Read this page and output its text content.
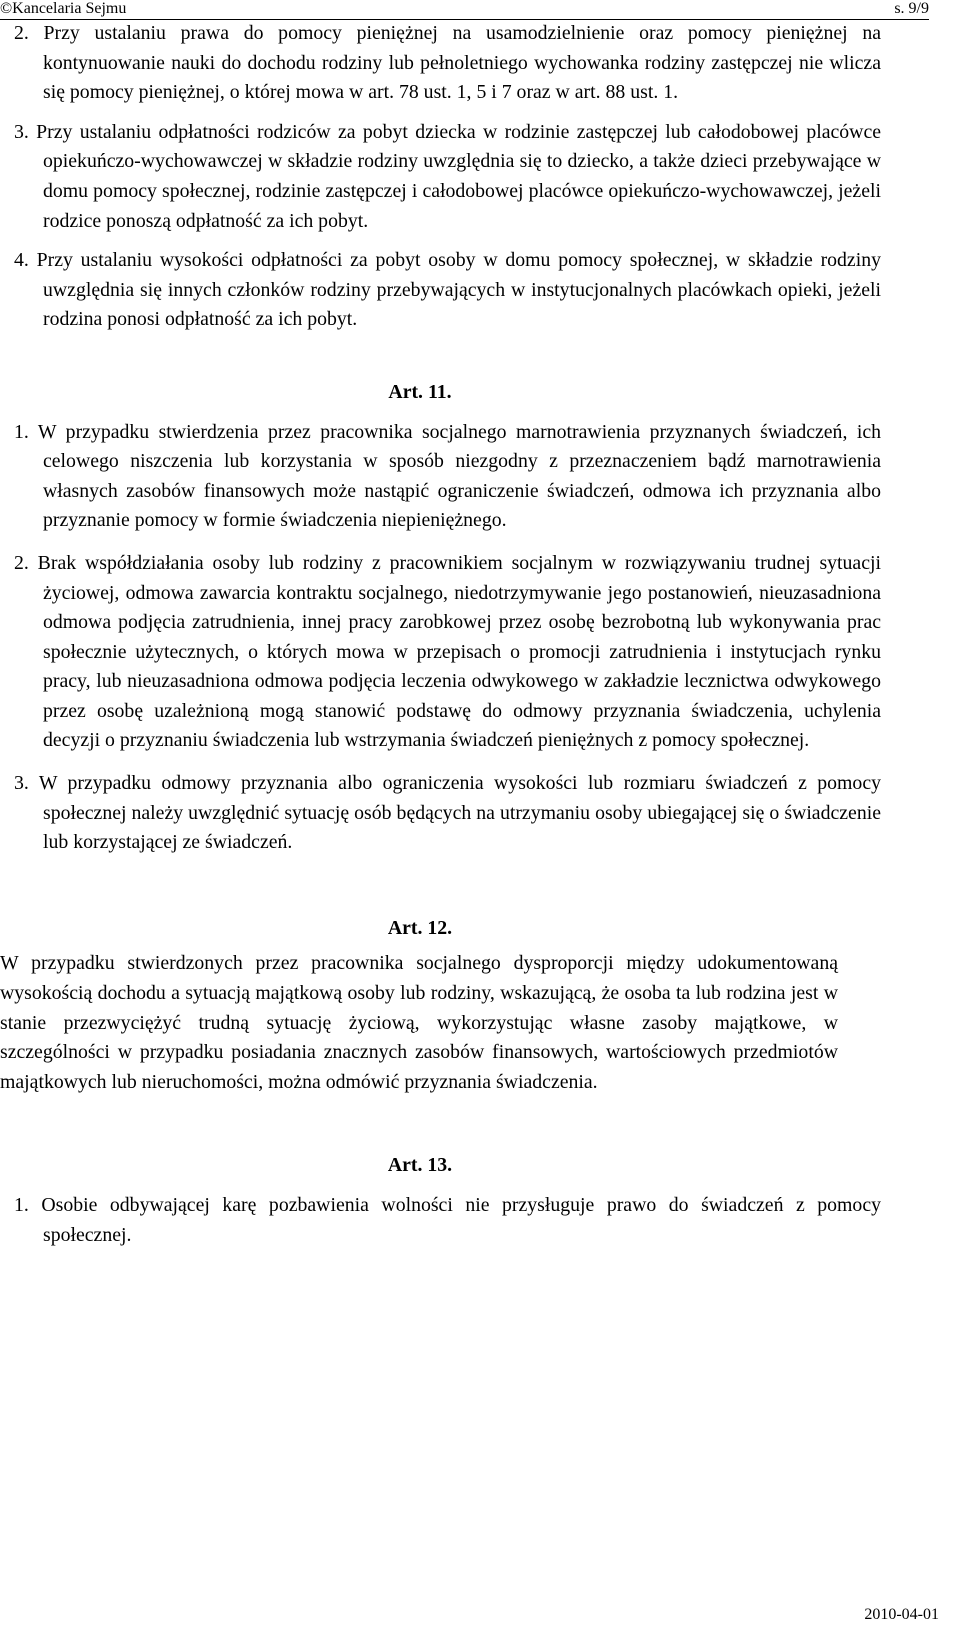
©Kancelaria Sejmu	s. 9/9

2. Przy ustalaniu prawa do pomocy pieniężnej na usamodzielnienie oraz pomocy pieniężnej na kontynuowanie nauki do dochodu rodziny lub pełnoletniego wychowanka rodziny zastępczej nie wlicza się pomocy pieniężnej, o której mowa w art. 78 ust. 1, 5 i 7 oraz w art. 88 ust. 1.

3. Przy ustalaniu odpłatności rodziców za pobyt dziecka w rodzinie zastępczej lub całodobowej placówce opiekuńczo-wychowawczej w składzie rodziny uwzględnia się to dziecko, a także dzieci przebywające w domu pomocy społecznej, rodzinie zastępczej i całodobowej placówce opiekuńczo-wychowawczej, jeżeli rodzice ponoszą odpłatność za ich pobyt.

4. Przy ustalaniu wysokości odpłatności za pobyt osoby w domu pomocy społecznej, w składzie rodziny uwzględnia się innych członków rodziny przebywających w instytucjonalnych placówkach opieki, jeżeli rodzina ponosi odpłatność za ich pobyt.

Art. 11.

1. W przypadku stwierdzenia przez pracownika socjalnego marnotrawienia przyznanych świadczeń, ich celowego niszczenia lub korzystania w sposób niezgodny z przeznaczeniem bądź marnotrawienia własnych zasobów finansowych może nastąpić ograniczenie świadczeń, odmowa ich przyznania albo przyznanie pomocy w formie świadczenia niepieniężnego.

2. Brak współdziałania osoby lub rodziny z pracownikiem socjalnym w rozwiązywaniu trudnej sytuacji życiowej, odmowa zawarcia kontraktu socjalnego, niedotrzymywanie jego postanowień, nieuzasadniona odmowa podjęcia zatrudnienia, innej pracy zarobkowej przez osobę bezrobotną lub wykonywania prac społecznie użytecznych, o których mowa w przepisach o promocji zatrudnienia i instytucjach rynku pracy, lub nieuzasadniona odmowa podjęcia leczenia odwykowego w zakładzie lecznictwa odwykowego przez osobę uzależnioną mogą stanowić podstawę do odmowy przyznania świadczenia, uchylenia decyzji o przyznaniu świadczenia lub wstrzymania świadczeń pieniężnych z pomocy społecznej.

3. W przypadku odmowy przyznania albo ograniczenia wysokości lub rozmiaru świadczeń z pomocy społecznej należy uwzględnić sytuację osób będących na utrzymaniu osoby ubiegającej się o świadczenie lub korzystającej ze świadczeń.

Art. 12.

W przypadku stwierdzonych przez pracownika socjalnego dysproporcji między udokumentowaną wysokością dochodu a sytuacją majątkową osoby lub rodziny, wskazującą, że osoba ta lub rodzina jest w stanie przezwyciężyć trudną sytuację życiową, wykorzystując własne zasoby majątkowe, w szczególności w przypadku posiadania znacznych zasobów finansowych, wartościowych przedmiotów majątkowych lub nieruchomości, można odmówić przyznania świadczenia.

Art. 13.

1. Osobie odbywającej karę pozbawienia wolności nie przysługuje prawo do świadczeń z pomocy społecznej.

2010-04-01
